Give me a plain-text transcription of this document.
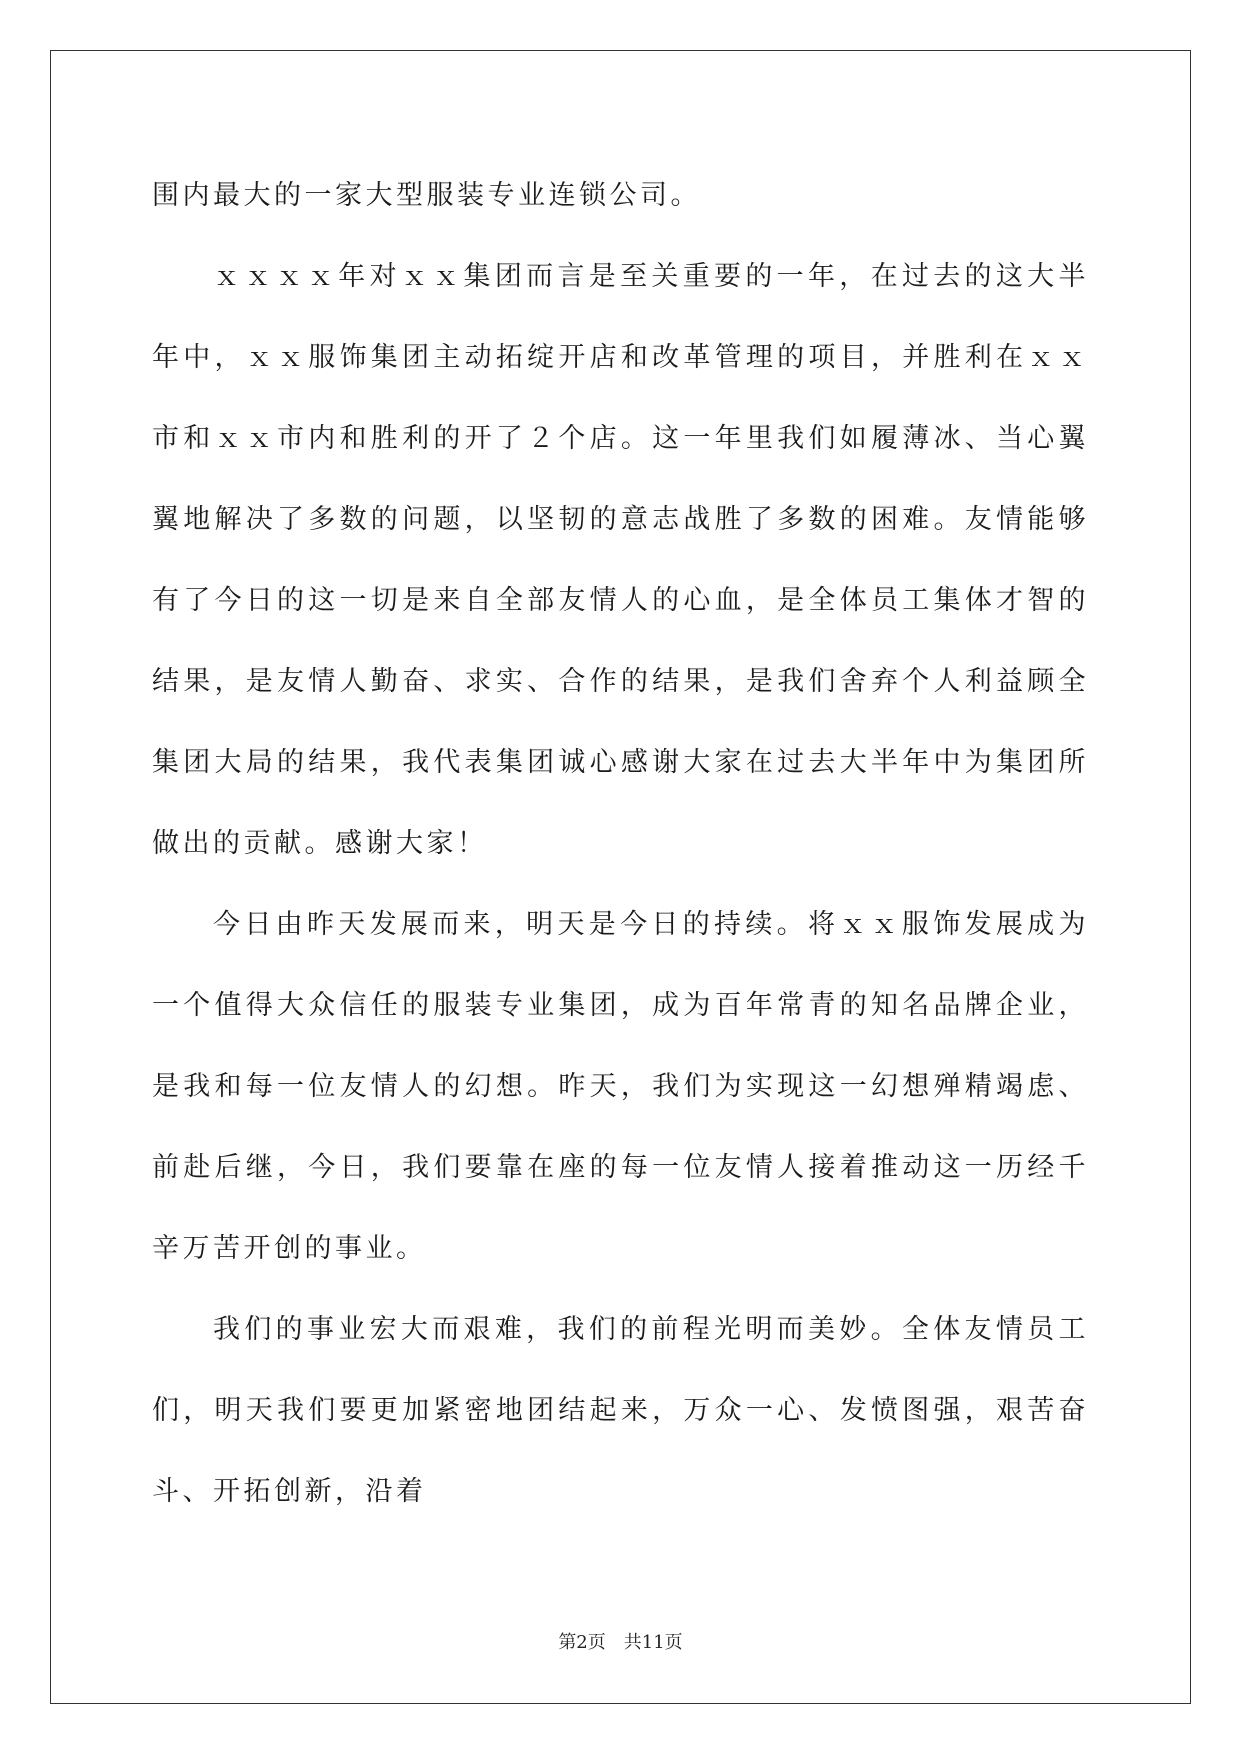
围内最大的一家大型服装专业连锁公司。

ｘｘｘｘ年对ｘｘ集团而言是至关重要的一年，在过去的这大半年中，ｘｘ服饰集团主动拓绽开店和改革管理的项目，并胜利在ｘｘ市和ｘｘ市内和胜利的开了２个店。这一年里我们如履薄冰、当心翼翼地解决了多数的问题，以坚韧的意志战胜了多数的困难。友情能够有了今日的这一切是来自全部友情人的心血，是全体员工集体才智的结果，是友情人勤奋、求实、合作的结果，是我们舍弃个人利益顾全集团大局的结果，我代表集团诚心感谢大家在过去大半年中为集团所做出的贡献。感谢大家！

今日由昨天发展而来，明天是今日的持续。将ｘｘ服饰发展成为一个值得大众信任的服装专业集团，成为百年常青的知名品牌企业，是我和每一位友情人的幻想。昨天，我们为实现这一幻想殚精竭虑、前赴后继，今日，我们要靠在座的每一位友情人接着推动这一历经千辛万苦开创的事业。

我们的事业宏大而艰难，我们的前程光明而美妙。全体友情员工们，明天我们要更加紧密地团结起来，万众一心、发愤图强，艰苦奋斗、开拓创新，沿着

第2页 共11页
